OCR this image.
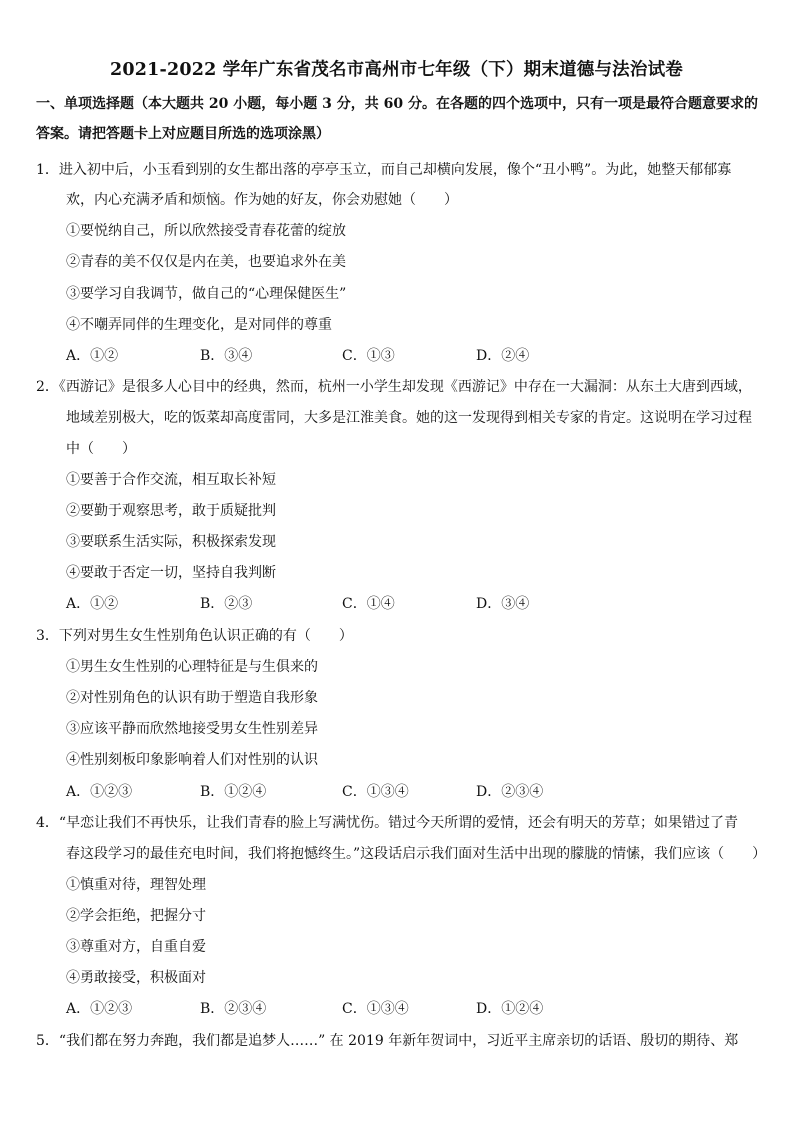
2021-2022 学年广东省茂名市高州市七年级（下）期末道德与法治试卷
一、单项选择题（本大题共 20 小题，每小题 3 分，共 60 分。在各题的四个选项中，只有一项是最符合题意要求的
答案。请把答题卡上对应题目所选的选项涂黑）
1．进入初中后，小玉看到别的女生都出落的亭亭玉立，而自己却横向发展，像个“丑小鸭”。为此，她整天郁郁寡
欢，内心充满矛盾和烦恼。作为她的好友，你会劝慰她（　　）
①要悦纳自己，所以欣然接受青春花蕾的绽放
②青春的美不仅仅是内在美，也要追求外在美
③要学习自我调节，做自己的“心理保健医生”
④不嘲弄同伴的生理变化，是对同伴的尊重
A．①②	B．③④	C．①③	D．②④
2．《西游记》是很多人心目中的经典，然而，杭州一小学生却发现《西游记》中存在一大漏洞：从东土大唐到西域，
地域差别极大，吃的饭菜却高度雷同，大多是江淮美食。她的这一发现得到相关专家的肯定。这说明在学习过程
中（　　）
①要善于合作交流，相互取长补短
②要勤于观察思考，敢于质疑批判
③要联系生活实际，积极探索发现
④要敢于否定一切，坚持自我判断
A．①②	B．②③	C．①④	D．③④
3．下列对男生女生性别角色认识正确的有（　　）
①男生女生性别的心理特征是与生俱来的
②对性别角色的认识有助于塑造自我形象
③应该平静而欣然地接受男女生性别差异
④性别刻板印象影响着人们对性别的认识
A．①②③	B．①②④	C．①③④	D．②③④
4．“早恋让我们不再快乐，让我们青春的脸上写满忧伤。错过今天所谓的爱情，还会有明天的芳草；如果错过了青
春这段学习的最佳充电时间，我们将抱憾终生。”这段话启示我们面对生活中出现的朦胧的情愫，我们应该（　　）
①慎重对待，理智处理
②学会拒绝，把握分寸
③尊重对方，自重自爱
④勇敢接受，积极面对
A．①②③	B．②③④	C．①③④	D．①②④
5．“我们都在努力奔跑，我们都是追梦人……” 在 2019 年新年贺词中，习近平主席亲切的话语、殷切的期待、郑
